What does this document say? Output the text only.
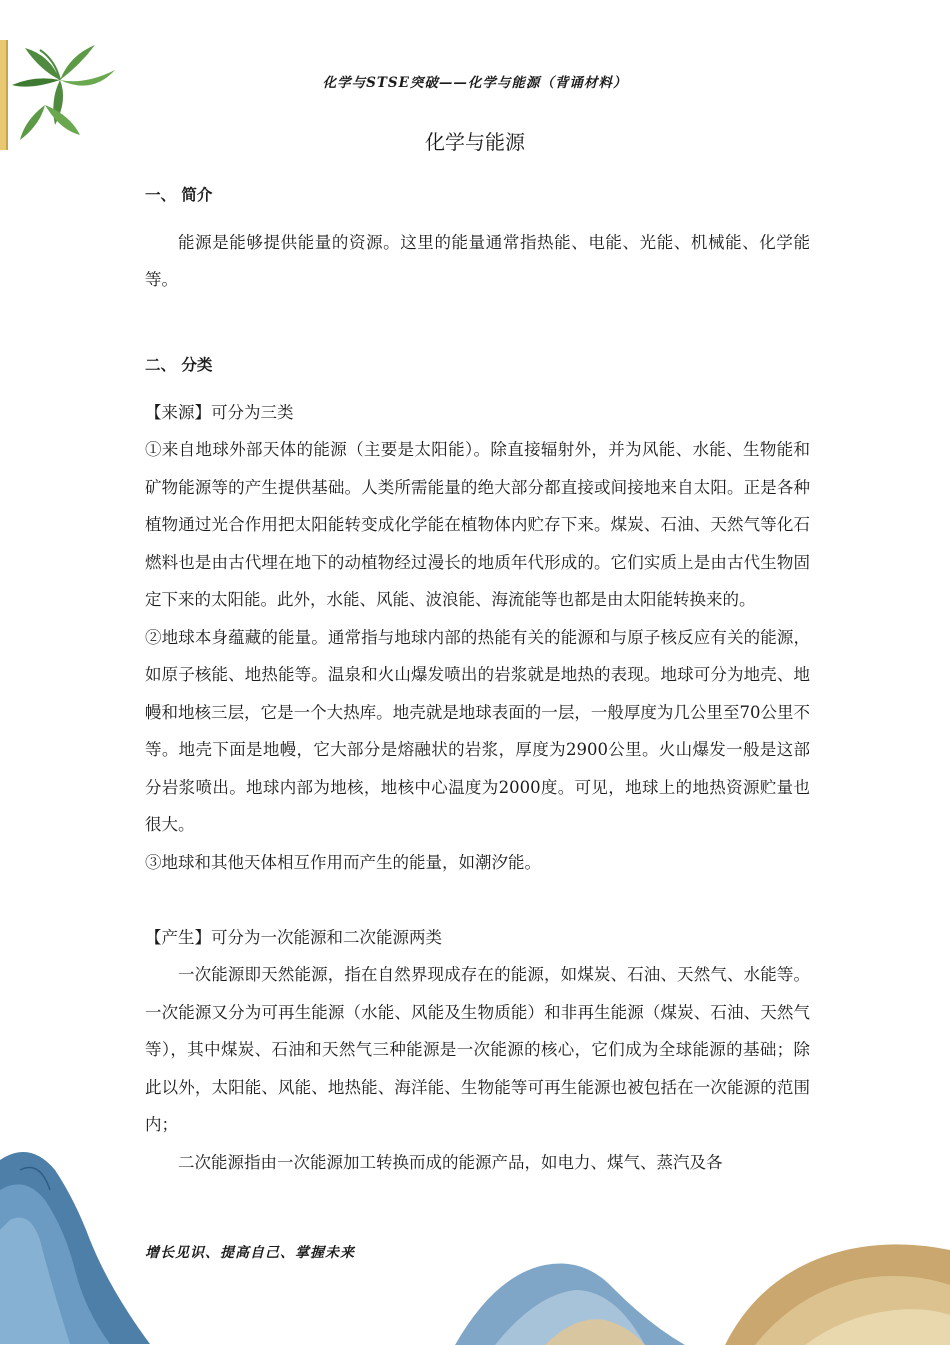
化学与STSE突破——化学与能源（背诵材料）
化学与能源

一、 简介

能源是能够提供能量的资源。这里的能量通常指热能、电能、光能、机械能、化学能等。

二、 分类

【来源】可分为三类

①来自地球外部天体的能源（主要是太阳能）。除直接辐射外，并为风能、水能、生物能和矿物能源等的产生提供基础。人类所需能量的绝大部分都直接或间接地来自太阳。正是各种植物通过光合作用把太阳能转变成化学能在植物体内贮存下来。煤炭、石油、天然气等化石燃料也是由古代埋在地下的动植物经过漫长的地质年代形成的。它们实质上是由古代生物固定下来的太阳能。此外，水能、风能、波浪能、海流能等也都是由太阳能转换来的。

②地球本身蕴藏的能量。通常指与地球内部的热能有关的能源和与原子核反应有关的能源，如原子核能、地热能等。温泉和火山爆发喷出的岩浆就是地热的表现。地球可分为地壳、地幔和地核三层，它是一个大热库。地壳就是地球表面的一层，一般厚度为几公里至70公里不等。地壳下面是地幔，它大部分是熔融状的岩浆，厚度为2900公里。火山爆发一般是这部分岩浆喷出。地球内部为地核，地核中心温度为2000度。可见，地球上的地热资源贮量也很大。

③地球和其他天体相互作用而产生的能量，如潮汐能。

【产生】可分为一次能源和二次能源两类

一次能源即天然能源，指在自然界现成存在的能源，如煤炭、石油、天然气、水能等。一次能源又分为可再生能源（水能、风能及生物质能）和非再生能源（煤炭、石油、天然气等），其中煤炭、石油和天然气三种能源是一次能源的核心，它们成为全球能源的基础；除此以外，太阳能、风能、地热能、海洋能、生物能等可再生能源也被包括在一次能源的范围内；

二次能源指由一次能源加工转换而成的能源产品，如电力、煤气、蒸汽及各

增长见识、提高自己、掌握未来
